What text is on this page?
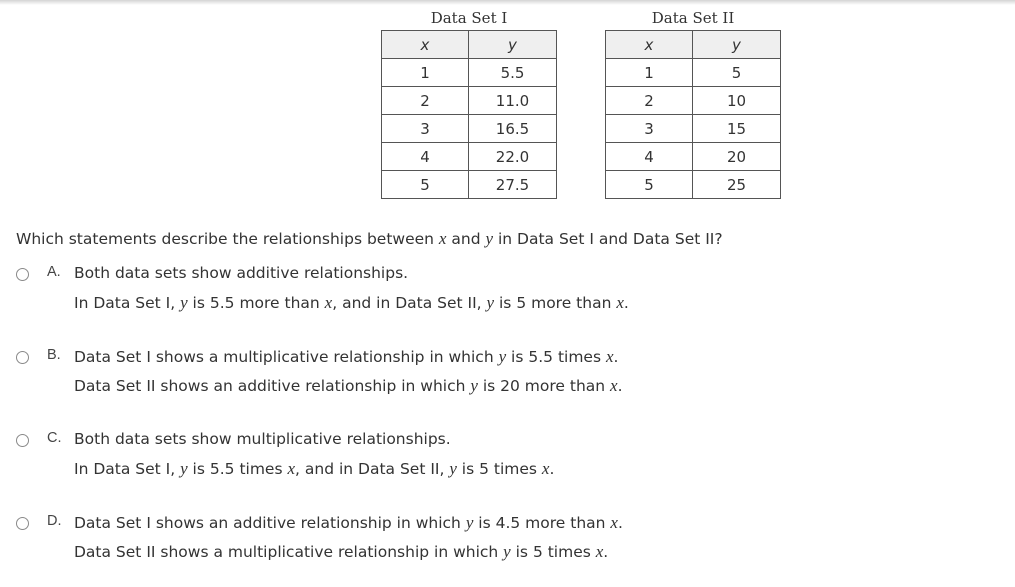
Data Set I
x	y
1	5.5
2	11.0
3	16.5
4	22.0
5	27.5
Data Set II
x	y
1	5
2	10
3	15
4	20
5	25
Which statements describe the relationships between x and y in Data Set I and Data Set II?
A. Both data sets show additive relationships.
In Data Set I, y is 5.5 more than x, and in Data Set II, y is 5 more than x.
B. Data Set I shows a multiplicative relationship in which y is 5.5 times x.
Data Set II shows an additive relationship in which y is 20 more than x.
C. Both data sets show multiplicative relationships.
In Data Set I, y is 5.5 times x, and in Data Set II, y is 5 times x.
D. Data Set I shows an additive relationship in which y is 4.5 more than x.
Data Set II shows a multiplicative relationship in which y is 5 times x.
